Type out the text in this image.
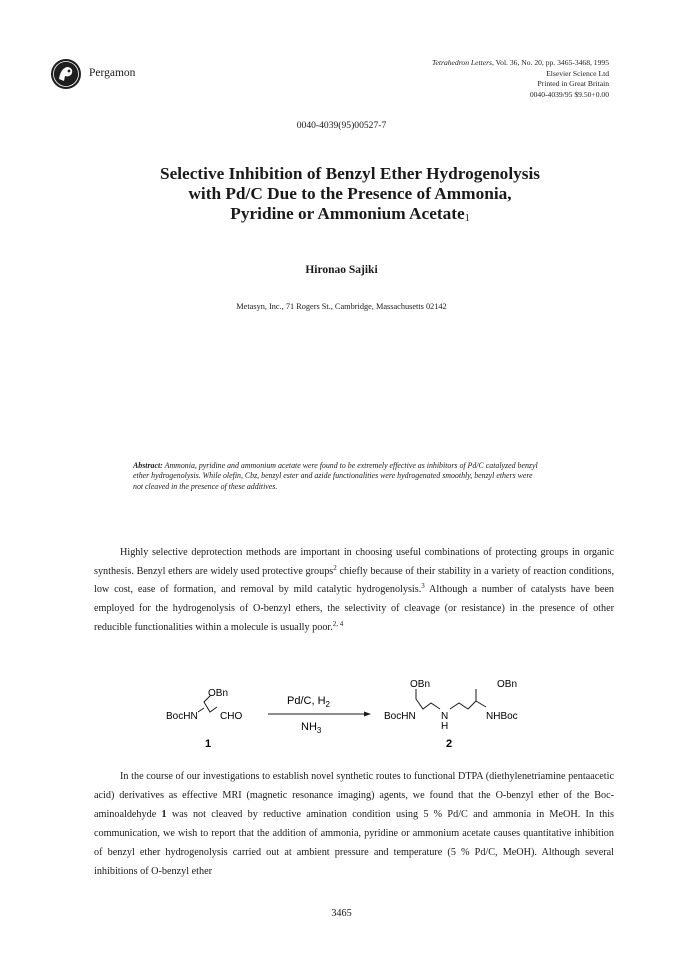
Pergamon
Tetrahedron Letters, Vol. 36, No. 20, pp. 3465-3468, 1995
Elsevier Science Ltd
Printed in Great Britain
0040-4039/95 $9.50+0.00
0040-4039(95)00527-7
Selective Inhibition of Benzyl Ether Hydrogenolysis
with Pd/C Due to the Presence of Ammonia,
Pyridine or Ammonium Acetate$^1$
Hironao Sajiki
Metasyn, Inc., 71 Rogers St., Cambridge, Massachusetts 02142
Abstract: Ammonia, pyridine and ammonium acetate were found to be extremely effective as inhibitors of Pd/C catalyzed benzyl ether hydrogenolysis. While olefin, Cbz, benzyl ester and azide functionalities were hydrogenated smoothly, benzyl ethers were not cleaved in the presence of these additives.

Highly selective deprotection methods are important in choosing useful combinations of protecting groups in organic synthesis. Benzyl ethers are widely used protective groups$^2$ chiefly because of their stability in a variety of reaction conditions, low cost, ease of formation, and removal by mild catalytic hydrogenolysis.$^3$ Although a number of catalysts have been employed for the hydrogenolysis of O-benzyl ethers, the selectivity of cleavage (or resistance) in the presence of other reducible functionalities within a molecule is usually poor.$^{2, 4}$

OBn
BocHN CHO
1
Pd/C, $H_2$
$NH_3$
OBn	OBn
BocHN	N
H
NHBoc
2

In the course of our investigations to establish novel synthetic routes to functional DTPA (diethylenetriamine pentaacetic acid) derivatives as effective MRI (magnetic resonance imaging) agents, we found that the O-benzyl ether of the Boc-aminoaldehyde 1 was not cleaved by reductive amination condition using 5 % Pd/C and ammonia in MeOH. In this communication, we wish to report that the addition of ammonia, pyridine or ammonium acetate causes quantitative inhibition of benzyl ether hydrogenolysis carried out at ambient pressure and temperature (5 % Pd/C, MeOH). Although several inhibitions of O-benzyl ether

3465
